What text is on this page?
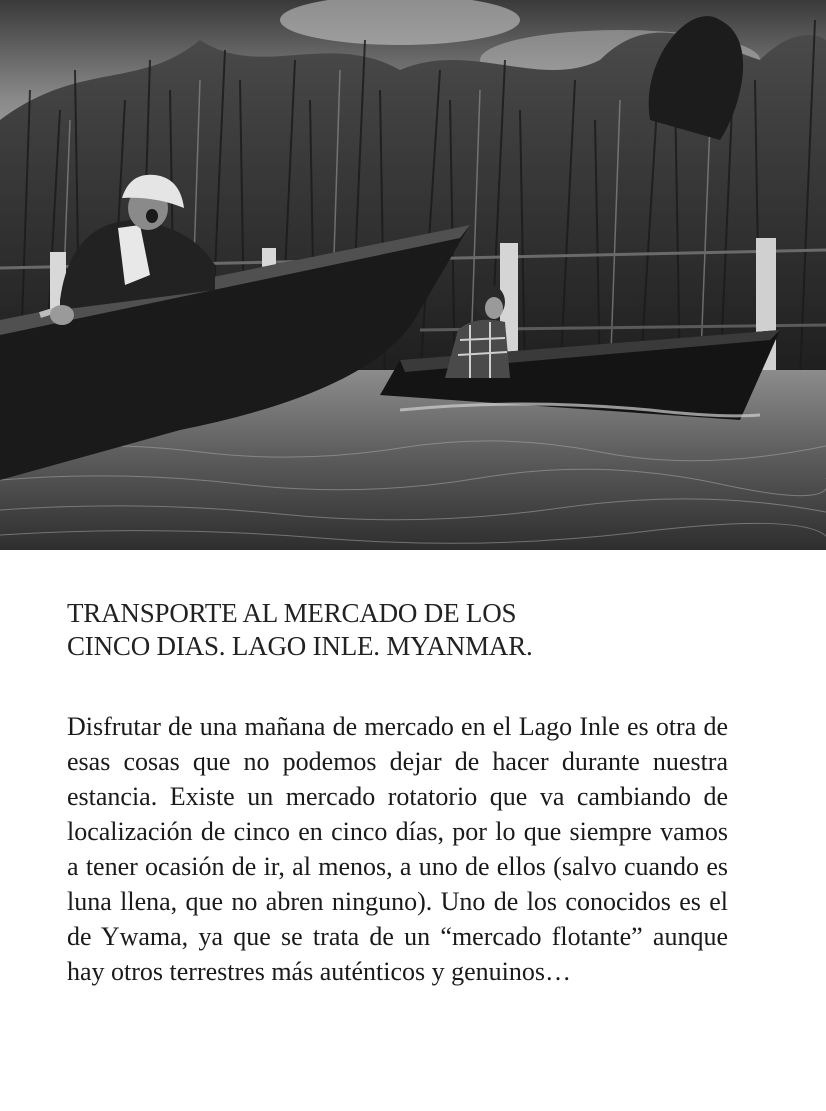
TRANSPORTE AL MERCADO DE LOS
CINCO DIAS. LAGO INLE. MYANMAR.

Disfrutar de una mañana de mercado en el Lago Inle es otra de esas cosas que no podemos dejar de hacer durante nuestra estancia. Existe un mercado rotatorio que va cambiando de localización de cinco en cinco días, por lo que siempre vamos a tener ocasión de ir, al menos, a uno de ellos (salvo cuando es luna llena, que no abren ninguno). Uno de los conocidos es el de Ywama, ya que se trata de un “mercado flotante” aunque hay otros terrestres más auténticos y genuinos…
